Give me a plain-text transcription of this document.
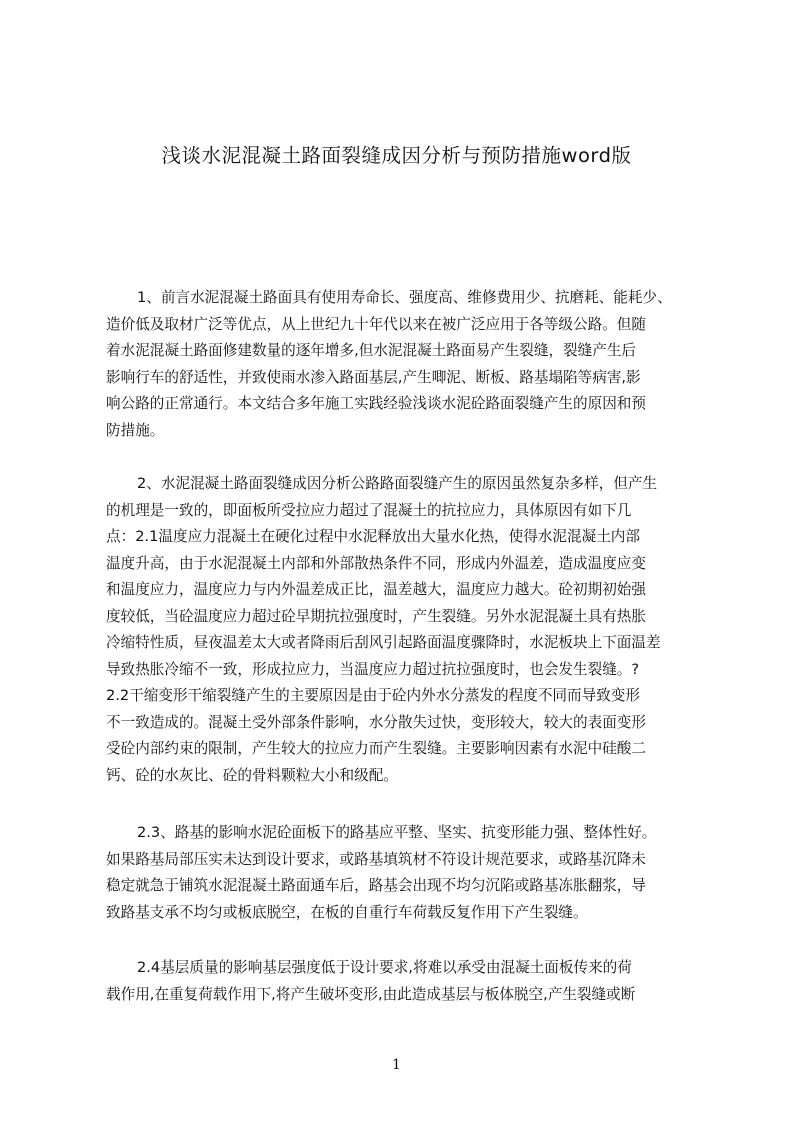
浅谈水泥混凝土路面裂缝成因分析与预防措施word版
1、前言水泥混凝土路面具有使用寿命长、强度高、维修费用少、抗磨耗、能耗少、
造价低及取材广泛等优点，从上世纪九十年代以来在被广泛应用于各等级公路。但随
着水泥混凝土路面修建数量的逐年增多,但水泥混凝土路面易产生裂缝，裂缝产生后
影响行车的舒适性，并致使雨水渗入路面基层,产生唧泥、断板、路基塌陷等病害,影
响公路的正常通行。本文结合多年施工实践经验浅谈水泥砼路面裂缝产生的原因和预
防措施。
2、水泥混凝土路面裂缝成因分析公路路面裂缝产生的原因虽然复杂多样，但产生
的机理是一致的，即面板所受拉应力超过了混凝土的抗拉应力，具体原因有如下几
点：2.1温度应力混凝土在硬化过程中水泥释放出大量水化热，使得水泥混凝土内部
温度升高，由于水泥混凝土内部和外部散热条件不同，形成内外温差，造成温度应变
和温度应力，温度应力与内外温差成正比，温差越大，温度应力越大。砼初期初始强
度较低，当砼温度应力超过砼早期抗拉强度时，产生裂缝。另外水泥混凝土具有热胀
冷缩特性质，昼夜温差太大或者降雨后刮风引起路面温度骤降时，水泥板块上下面温差
导致热胀冷缩不一致，形成拉应力，当温度应力超过抗拉强度时，也会发生裂缝。?
2.2干缩变形干缩裂缝产生的主要原因是由于砼内外水分蒸发的程度不同而导致变形
不一致造成的。混凝土受外部条件影响，水分散失过快，变形较大，较大的表面变形
受砼内部约束的限制，产生较大的拉应力而产生裂缝。主要影响因素有水泥中硅酸二
钙、砼的水灰比、砼的骨料颗粒大小和级配。
2.3、路基的影响水泥砼面板下的路基应平整、坚实、抗变形能力强、整体性好。
如果路基局部压实未达到设计要求，或路基填筑材不符设计规范要求，或路基沉降未
稳定就急于铺筑水泥混凝土路面通车后，路基会出现不均匀沉陷或路基冻胀翻浆，导
致路基支承不均匀或板底脱空，在板的自重行车荷载反复作用下产生裂缝。
2.4基层质量的影响基层强度低于设计要求,将难以承受由混凝土面板传来的荷
载作用,在重复荷载作用下,将产生破坏变形,由此造成基层与板体脱空,产生裂缝或断
1
